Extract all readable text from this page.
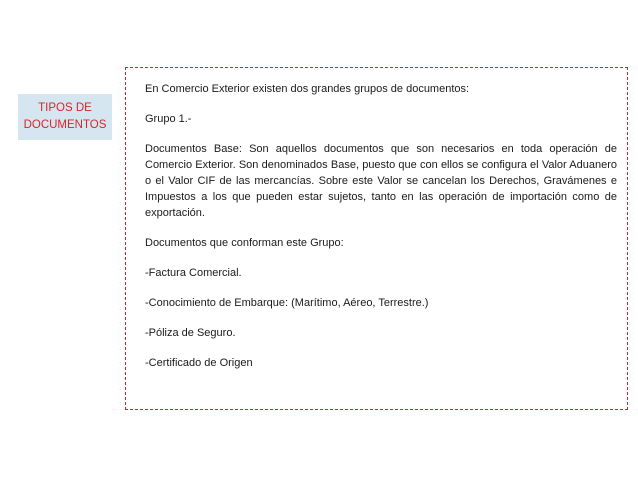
TIPOS DE
DOCUMENTOS

En Comercio Exterior existen dos grandes grupos de documentos:

Grupo 1.-

Documentos Base: Son aquellos documentos que son necesarios en toda operación de Comercio Exterior. Son denominados Base, puesto que con ellos se configura el Valor Aduanero o el Valor CIF de las mercancías. Sobre este Valor se cancelan los Derechos, Gravámenes e Impuestos a los que pueden estar sujetos, tanto en las operación de importación como de exportación.

Documentos que conforman este Grupo:

-Factura Comercial.

-Conocimiento de Embarque: (Marítimo, Aéreo, Terrestre.)

-Póliza de Seguro.

-Certificado de Origen
